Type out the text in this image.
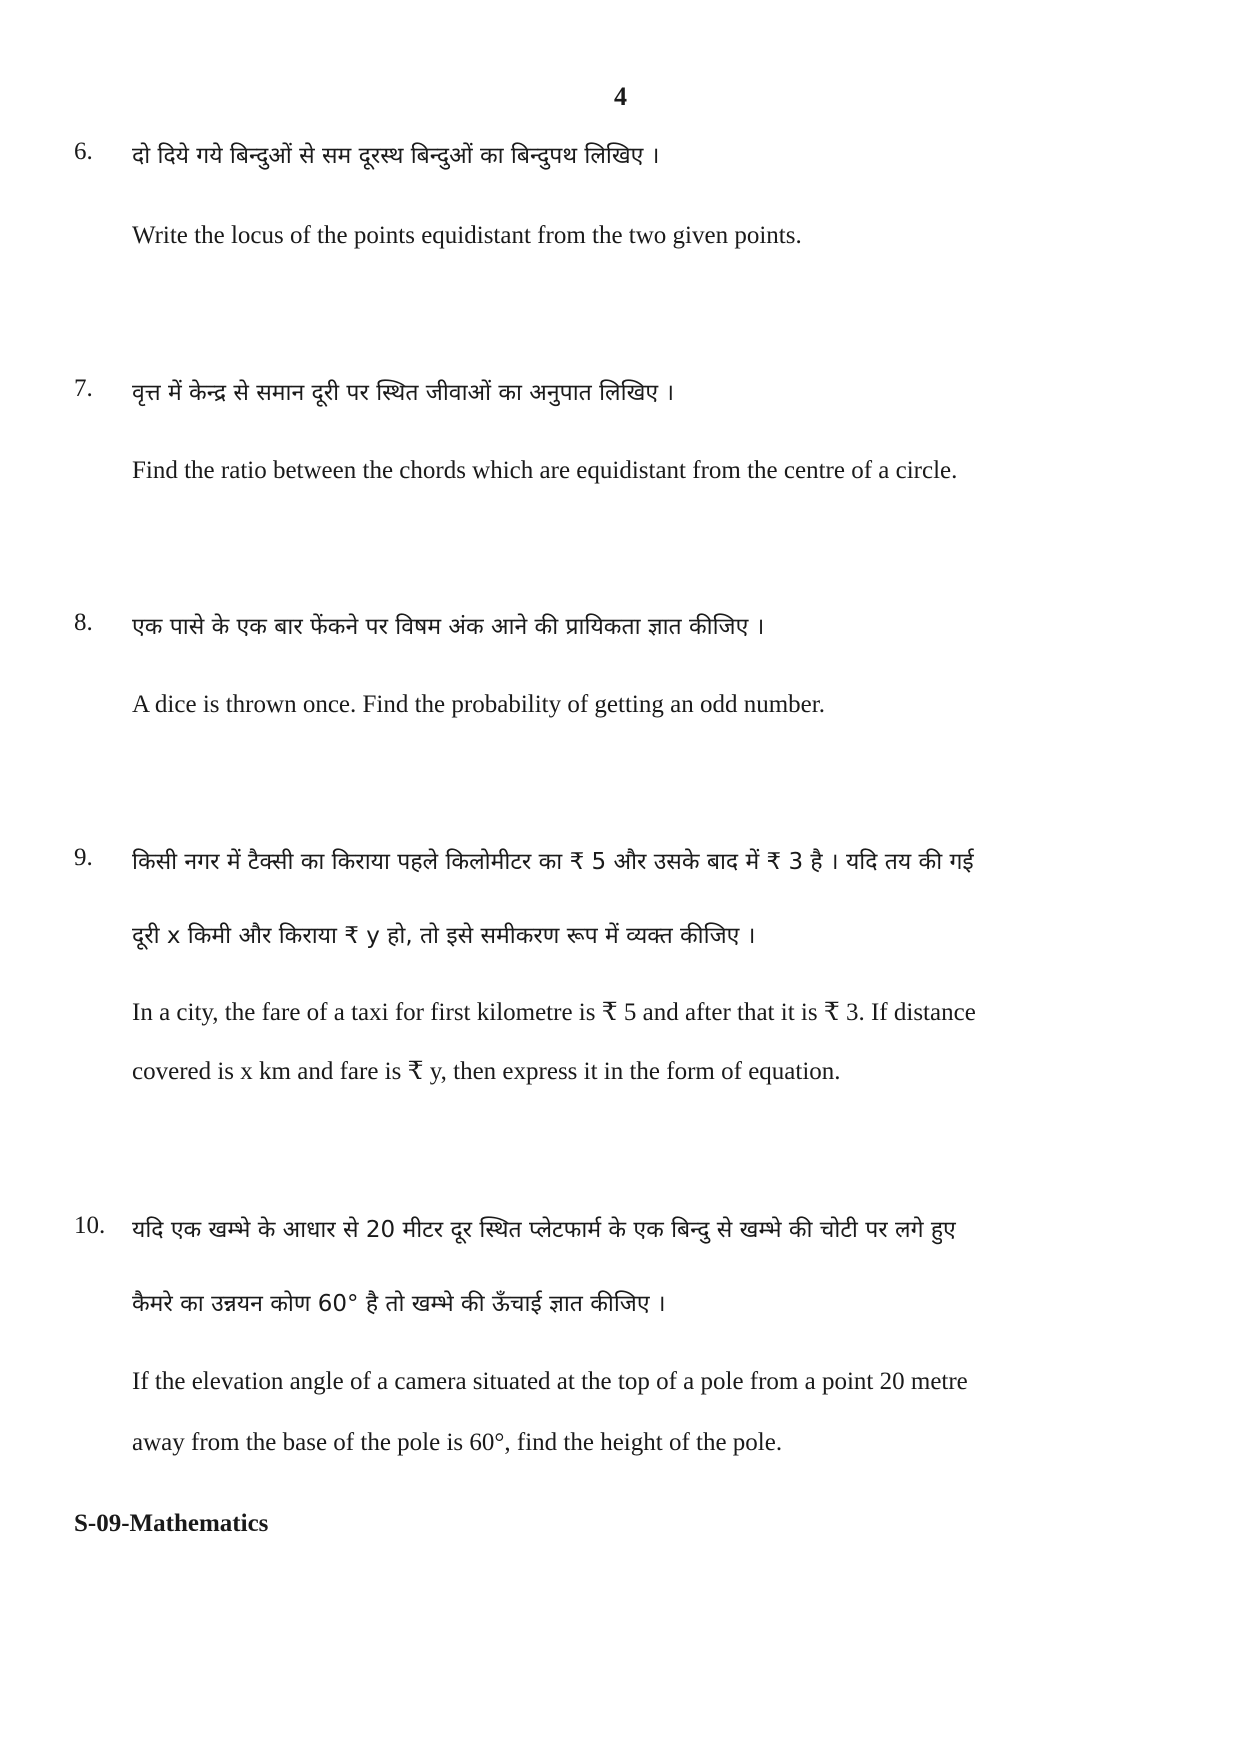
4
6. दो दिये गये बिन्दुओं से सम दूरस्थ बिन्दुओं का बिन्दुपथ लिखिए ।
Write the locus of the points equidistant from the two given points.
7. वृत्त में केन्द्र से समान दूरी पर स्थित जीवाओं का अनुपात लिखिए ।
Find the ratio between the chords which are equidistant from the centre of a circle.
8. एक पासे के एक बार फेंकने पर विषम अंक आने की प्रायिकता ज्ञात कीजिए ।
A dice is thrown once. Find the probability of getting an odd number.
9. किसी नगर में टैक्सी का किराया पहले किलोमीटर का ₹ 5 और उसके बाद में ₹ 3 है । यदि तय की गई
दूरी x किमी और किराया ₹ y हो, तो इसे समीकरण रूप में व्यक्त कीजिए ।
In a city, the fare of a taxi for first kilometre is ₹ 5 and after that it is ₹ 3. If distance
covered is x km and fare is ₹ y, then express it in the form of equation.
10. यदि एक खम्भे के आधार से 20 मीटर दूर स्थित प्लेटफार्म के एक बिन्दु से खम्भे की चोटी पर लगे हुए
कैमरे का उन्नयन कोण 60° है तो खम्भे की ऊँचाई ज्ञात कीजिए ।
If the elevation angle of a camera situated at the top of a pole from a point 20 metre
away from the base of the pole is 60°, find the height of the pole.
S-09-Mathematics
